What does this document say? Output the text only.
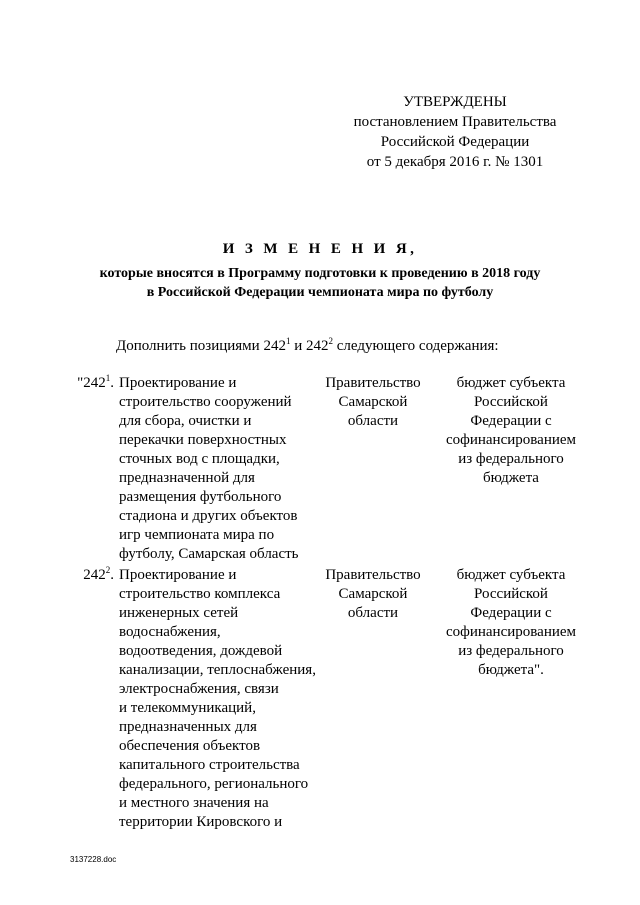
УТВЕРЖДЕНЫ
постановлением Правительства
Российской Федерации
от 5 декабря 2016 г. № 1301
И З М Е Н Е Н И Я,
которые вносятся в Программу подготовки к проведению в 2018 году
в Российской Федерации чемпионата мира по футболу
Дополнить позициями $242^1$ и $242^2$ следующего содержания:
"$242^1$. Проектирование и
строительство сооружений
для сбора, очистки и
перекачки поверхностных
сточных вод с площадки,
предназначенной для
размещения футбольного
стадиона и других объектов
игр чемпионата мира по
футболу, Самарская область
Правительство
Самарской
области
бюджет субъекта
Российской
Федерации с
софинансированием
из федерального
бюджета
$242^2$. Проектирование и
строительство комплекса
инженерных сетей
водоснабжения,
водоотведения, дождевой
канализации, теплоснабжения,
электроснабжения, связи
и телекоммуникаций,
предназначенных для
обеспечения объектов
капитального строительства
федерального, регионального
и местного значения на
территории Кировского и
Правительство
Самарской
области
бюджет субъекта
Российской
Федерации с
софинансированием
из федерального
бюджета".
3137228.doc
